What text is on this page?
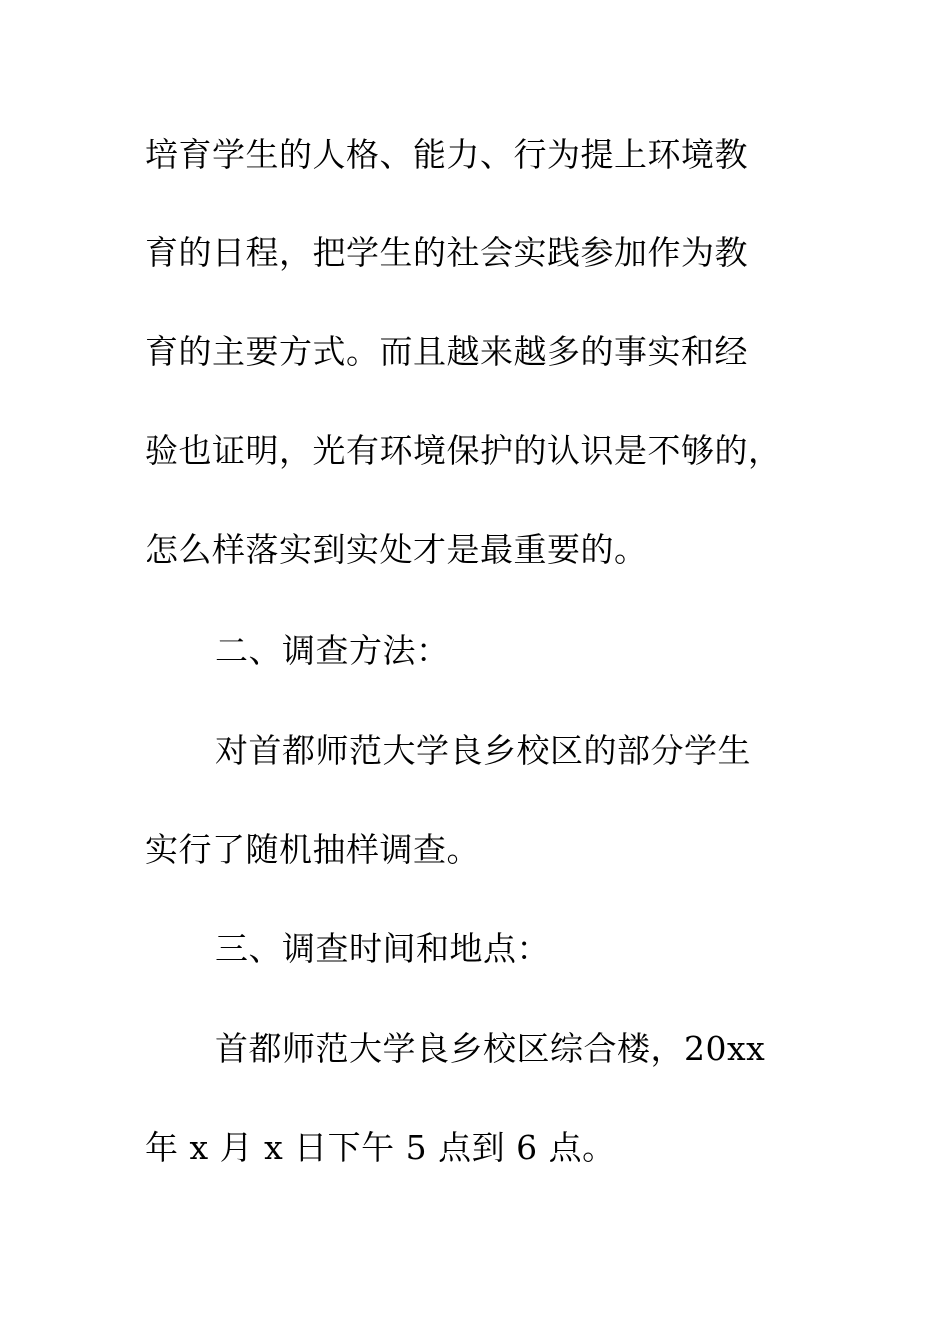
培育学生的人格、能力、行为提上环境教
育的日程，把学生的社会实践参加作为教
育的主要方式。而且越来越多的事实和经
验也证明，光有环境保护的认识是不够的，
怎么样落实到实处才是最重要的。
二、调查方法：
对首都师范大学良乡校区的部分学生
实行了随机抽样调查。
三、调查时间和地点：
首都师范大学良乡校区综合楼，20xx
年 x 月 x 日下午 5 点到 6 点。
